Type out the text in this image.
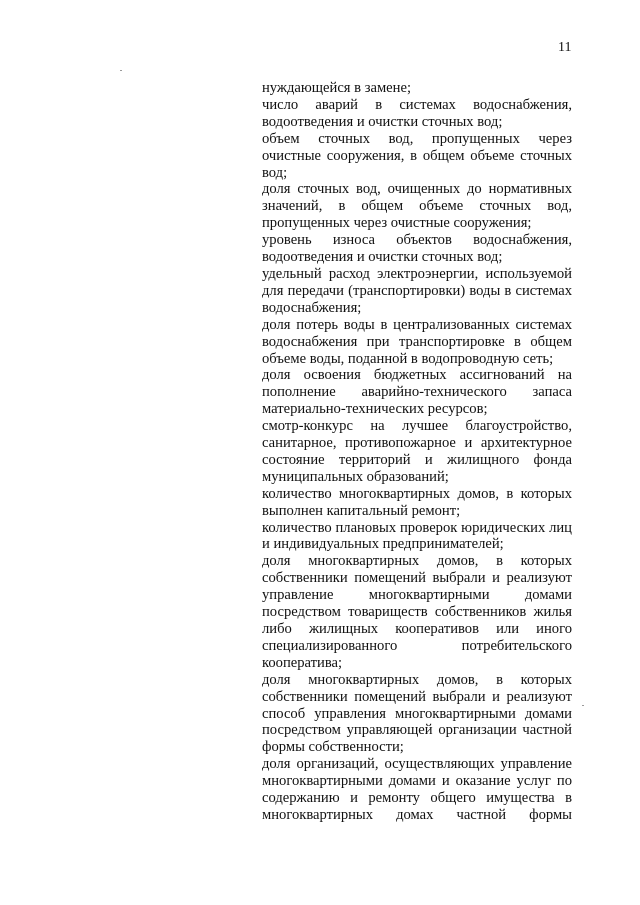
11

нуждающейся в замене;

число аварий в системах водоснабжения, водоотведения и очистки сточных вод;

объем сточных вод, пропущенных через очистные сооружения, в общем объеме сточных вод;

доля сточных вод, очищенных до нормативных значений, в общем объеме сточных вод, пропущенных через очистные сооружения;

уровень износа объектов водоснабжения, водоотведения и очистки сточных вод;

удельный расход электроэнергии, используемой для передачи (транспортировки) воды в системах водоснабжения;

доля потерь воды в централизованных системах водоснабжения при транспортировке в общем объеме воды, поданной в водопроводную сеть;

доля освоения бюджетных ассигнований на пополнение аварийно-технического запаса материально-технических ресурсов;

смотр-конкурс на лучшее благоустройство, санитарное, противопожарное и архитектурное состояние территорий и жилищного фонда муниципальных образований;

количество многоквартирных домов, в которых выполнен капитальный ремонт;

количество плановых проверок юридических лиц и индивидуальных предпринимателей;

доля многоквартирных домов, в которых собственники помещений выбрали и реализуют управление многоквартирными домами посредством товариществ собственников жилья либо жилищных кооперативов или иного специализированного потребительского кооператива;

доля многоквартирных домов, в которых собственники помещений выбрали и реализуют способ управления многоквартирными домами посредством управляющей организации частной формы собственности;

доля организаций, осуществляющих управление многоквартирными домами и оказание услуг по содержанию и ремонту общего имущества в многоквартирных домах частной формы
